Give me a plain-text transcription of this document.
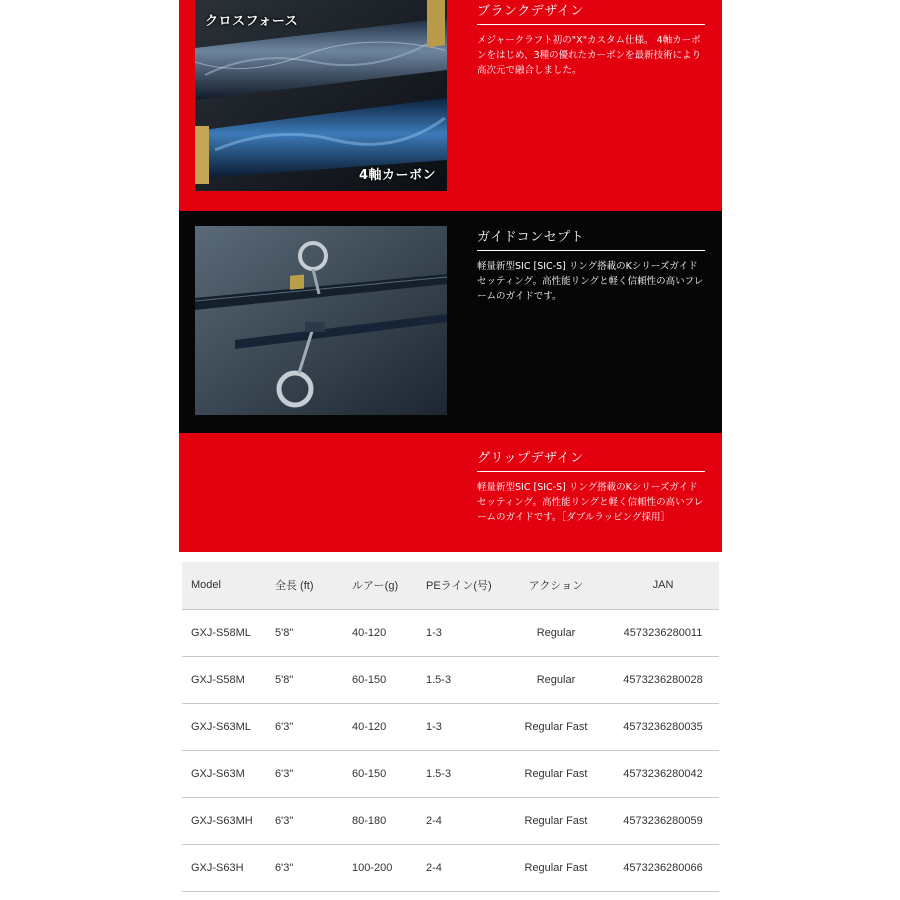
クロスフォース
4軸カーボン
ブランクデザイン
メジャークラフト初の"X"カスタム仕様。 4軸カーボンをはじめ、3種の優れたカーボンを最新技術により高次元で融合しました。
ガイドコンセプト
軽量新型SIC [SIC-S] リング搭載のKシリーズガイドセッティング。高性能リングと軽く信頼性の高いフレームのガイドです。
グリップデザイン
軽量新型SIC [SIC-S] リング搭載のKシリーズガイドセッティング。高性能リングと軽く信頼性の高いフレームのガイドです。［ダブルラッピング採用］
Model	全長 (ft)	ルアー(g)	PEライン(号)	アクション	JAN
GXJ-S58ML	5'8"	40-120	1-3	Regular	4573236280011
GXJ-S58M	5'8"	60-150	1.5-3	Regular	4573236280028
GXJ-S63ML	6'3"	40-120	1-3	Regular Fast	4573236280035
GXJ-S63M	6'3"	60-150	1.5-3	Regular Fast	4573236280042
GXJ-S63MH	6'3"	80-180	2-4	Regular Fast	4573236280059
GXJ-S63H	6'3"	100-200	2-4	Regular Fast	4573236280066
